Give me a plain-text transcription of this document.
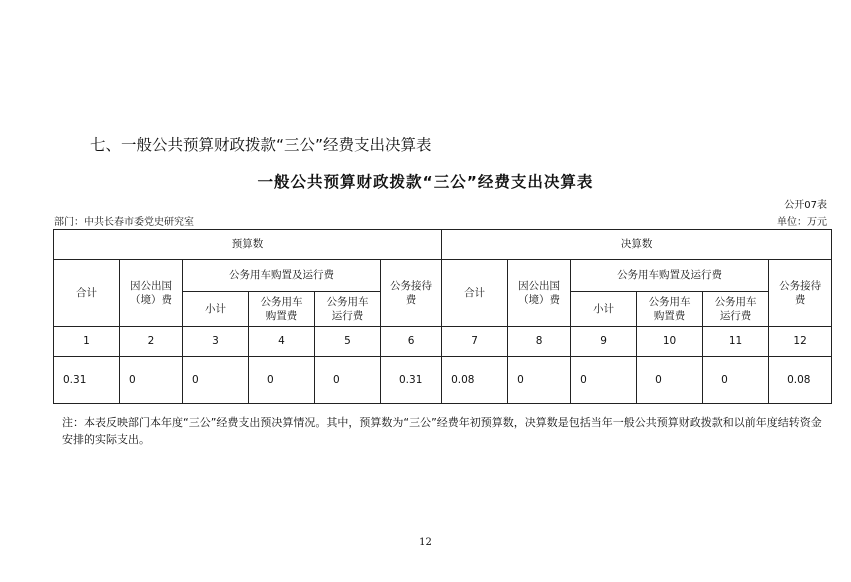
七、一般公共预算财政拨款“三公”经费支出决算表
一般公共预算财政拨款“三公”经费支出决算表
公开07表
部门：中共长春市委党史研究室	单位：万元
预算数						决算数					
合计	因公出国（境）费	公务用车购置及运行费			公务接待费	合计	因公出国（境）费	公务用车购置及运行费			公务接待费
		小计	公务用车购置费	公务用车运行费				小计	公务用车购置费	公务用车运行费	
1	2	3	4	5	6	7	8	9	10	11	12
0.31	0	0	0	0	0.31	0.08	0	0	0	0	0.08
注：本表反映部门本年度“三公”经费支出预决算情况。其中，预算数为“三公”经费年初预算数，决算数是包括当年一般公共预算财政拨款和以前年度结转资金安排的实际支出。
12
